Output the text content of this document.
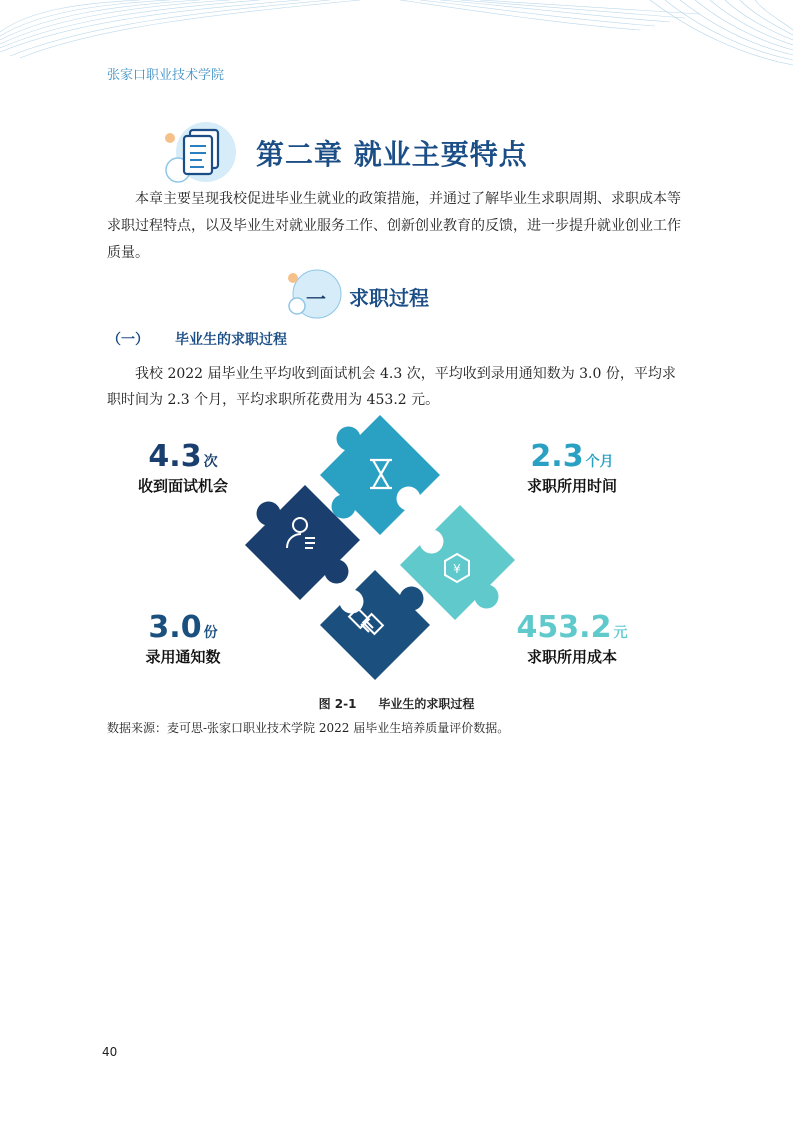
张家口职业技术学院
第二章 就业主要特点
本章主要呈现我校促进毕业生就业的政策措施，并通过了解毕业生求职周期、求职成本等求职过程特点，以及毕业生对就业服务工作、创新创业教育的反馈，进一步提升就业创业工作质量。
一 求职过程
（一） 毕业生的求职过程
我校 2022 届毕业生平均收到面试机会 4.3 次，平均收到录用通知数为 3.0 份，平均求职时间为 2.3 个月，平均求职所花费用为 453.2 元。
¥
4.3 次
收到面试机会
2.3 个月
求职所用时间
3.0 份
录用通知数
453.2 元
求职所用成本
图 2-1 毕业生的求职过程
数据来源：麦可思-张家口职业技术学院 2022 届毕业生培养质量评价数据。
40
